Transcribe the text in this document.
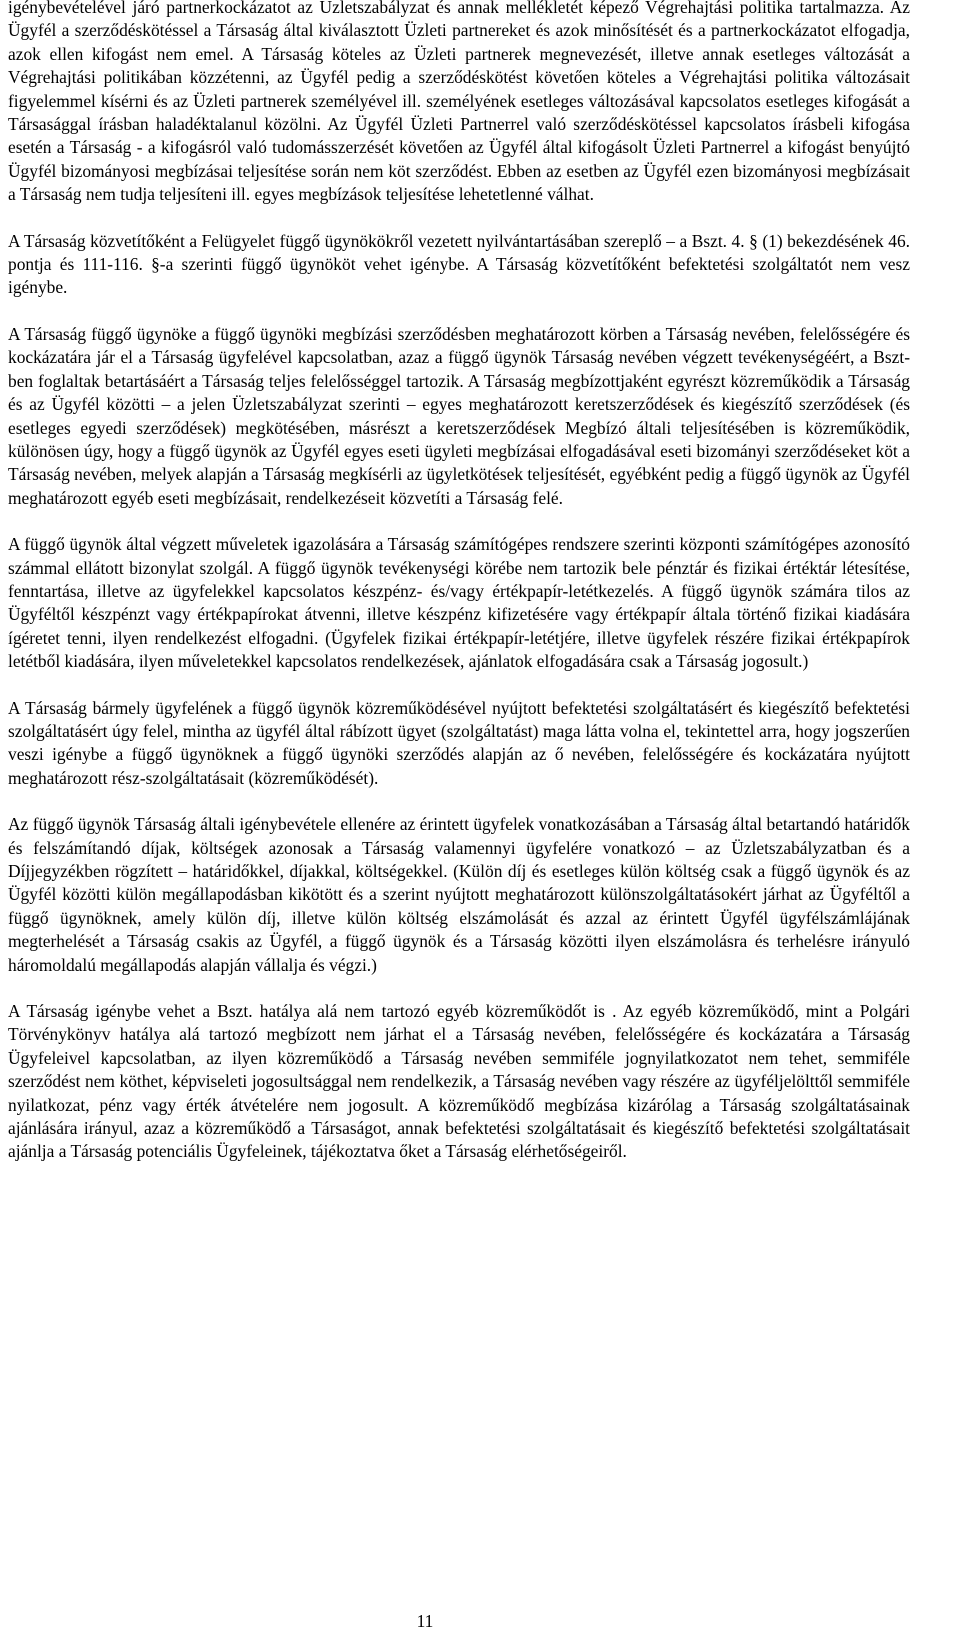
igénybevételével járó partnerkockázatot az Üzletszabályzat és annak mellékletét képező Végrehajtási politika tartalmazza. Az Ügyfél a szerződéskötéssel a Társaság által kiválasztott Üzleti partnereket és azok minősítését és a partnerkockázatot elfogadja, azok ellen kifogást nem emel. A Társaság köteles az Üzleti partnerek megnevezését, illetve annak esetleges változását a Végrehajtási politikában közzétenni, az Ügyfél pedig a szerződéskötést követően köteles a Végrehajtási politika változásait figyelemmel kísérni és az Üzleti partnerek személyével ill. személyének esetleges változásával kapcsolatos esetleges kifogását a Társasággal írásban haladéktalanul közölni. Az Ügyfél Üzleti Partnerrel való szerződéskötéssel kapcsolatos írásbeli kifogása esetén a Társaság - a kifogásról való tudomásszerzését követően az Ügyfél által kifogásolt Üzleti Partnerrel a kifogást benyújtó Ügyfél bizományosi megbízásai teljesítése során nem köt szerződést. Ebben az esetben az Ügyfél ezen bizományosi megbízásait a Társaság nem tudja teljesíteni ill. egyes megbízások teljesítése lehetetlenné válhat.

A Társaság közvetítőként a Felügyelet függő ügynökökről vezetett nyilvántartásában szereplő – a Bszt. 4. § (1) bekezdésének 46. pontja és 111-116. §-a szerinti függő ügynököt vehet igénybe. A Társaság közvetítőként befektetési szolgáltatót nem vesz igénybe.

A Társaság függő ügynöke a függő ügynöki megbízási szerződésben meghatározott körben a Társaság nevében, felelősségére és kockázatára jár el a Társaság ügyfelével kapcsolatban, azaz a függő ügynök Társaság nevében végzett tevékenységéért, a Bszt-ben foglaltak betartásáért a Társaság teljes felelősséggel tartozik. A Társaság megbízottjaként egyrészt közreműködik a Társaság és az Ügyfél közötti – a jelen Üzletszabályzat szerinti – egyes meghatározott keretszerződések és kiegészítő szerződések (és esetleges egyedi szerződések) megkötésében, másrészt a keretszerződések Megbízó általi teljesítésében is közreműködik, különösen úgy, hogy a függő ügynök az Ügyfél egyes eseti ügyleti megbízásai elfogadásával eseti bizományi szerződéseket köt a Társaság nevében, melyek alapján a Társaság megkísérli az ügyletkötések teljesítését, egyébként pedig a függő ügynök az Ügyfél meghatározott egyéb eseti megbízásait, rendelkezéseit közvetíti a Társaság felé.

A függő ügynök által végzett műveletek igazolására a Társaság számítógépes rendszere szerinti központi számítógépes azonosító számmal ellátott bizonylat szolgál. A függő ügynök tevékenységi körébe nem tartozik bele pénztár és fizikai értéktár létesítése, fenntartása, illetve az ügyfelekkel kapcsolatos készpénz- és/vagy értékpapír-letétkezelés. A függő ügynök számára tilos az Ügyféltől készpénzt vagy értékpapírokat átvenni, illetve készpénz kifizetésére vagy értékpapír általa történő fizikai kiadására ígéretet tenni, ilyen rendelkezést elfogadni. (Ügyfelek fizikai értékpapír-letétjére, illetve ügyfelek részére fizikai értékpapírok letétből kiadására, ilyen műveletekkel kapcsolatos rendelkezések, ajánlatok elfogadására csak a Társaság jogosult.)

A Társaság bármely ügyfelének a függő ügynök közreműködésével nyújtott befektetési szolgáltatásért és kiegészítő befektetési szolgáltatásért úgy felel, mintha az ügyfél által rábízott ügyet (szolgáltatást) maga látta volna el, tekintettel arra, hogy jogszerűen veszi igénybe a függő ügynöknek a függő ügynöki szerződés alapján az ő nevében, felelősségére és kockázatára nyújtott meghatározott rész-szolgáltatásait (közreműködését).

Az függő ügynök Társaság általi igénybevétele ellenére az érintett ügyfelek vonatkozásában a Társaság által betartandó határidők és felszámítandó díjak, költségek azonosak a Társaság valamennyi ügyfelére vonatkozó – az Üzletszabályzatban és a Díjjegyzékben rögzített – határidőkkel, díjakkal, költségekkel. (Külön díj és esetleges külön költség csak a függő ügynök és az Ügyfél közötti külön megállapodásban kikötött és a szerint nyújtott meghatározott különszolgáltatásokért járhat az Ügyféltől a függő ügynöknek, amely külön díj, illetve külön költség elszámolását és azzal az érintett Ügyfél ügyfélszámlájának megterhelését a Társaság csakis az Ügyfél, a függő ügynök és a Társaság közötti ilyen elszámolásra és terhelésre irányuló háromoldalú megállapodás alapján vállalja és végzi.)

A Társaság igénybe vehet a Bszt. hatálya alá nem tartozó egyéb közreműködőt is . Az egyéb közreműködő, mint a Polgári Törvénykönyv hatálya alá tartozó megbízott nem járhat el a Társaság nevében, felelősségére és kockázatára a Társaság Ügyfeleivel kapcsolatban, az ilyen közreműködő a Társaság nevében semmiféle jognyilatkozatot nem tehet, semmiféle szerződést nem köthet, képviseleti jogosultsággal nem rendelkezik, a Társaság nevében vagy részére az ügyféljelölttől semmiféle nyilatkozat, pénz vagy érték átvételére nem jogosult. A közreműködő megbízása kizárólag a Társaság szolgáltatásainak ajánlására irányul, azaz a közreműködő a Társaságot, annak befektetési szolgáltatásait és kiegészítő befektetési szolgáltatásait ajánlja a Társaság potenciális Ügyfeleinek, tájékoztatva őket a Társaság elérhetőségeiről.

11
